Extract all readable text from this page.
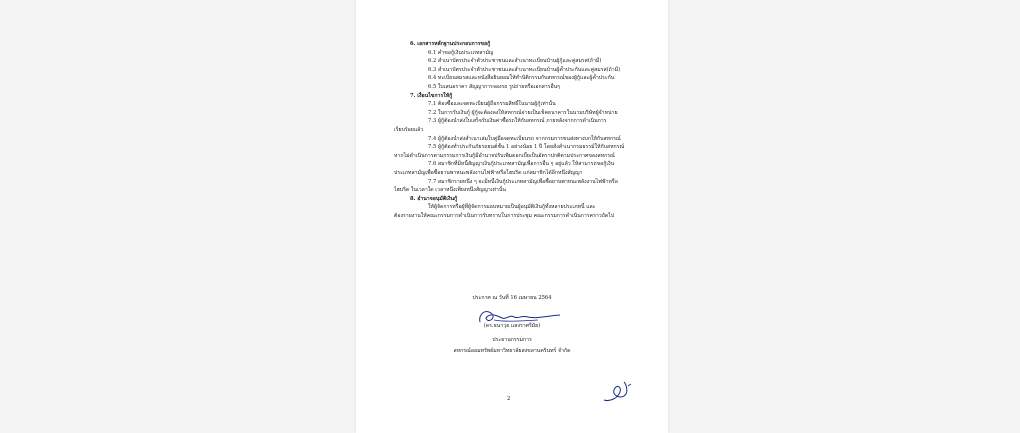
6. เอกสารหลักฐานประกอบการขอกู้
6.1 คำขอกู้เงินประเภทสามัญ
6.2 สำเนาบัตรประจำตัวประชาชนและสำเนาทะเบียนบ้านผู้กู้และคู่สมรส(ถ้ามี)
6.3 สำเนาบัตรประจำตัวประชาชนและสำเนาทะเบียนบ้านผู้ค้ำประกันและคู่สมรส(ถ้ามี)
6.4 ทะเบียนสมรสและหนังสือยินยอมให้ทำนิติกรรมกับสหกรณ์ของผู้กู้และผู้ค้ำประกัน
6.5 ใบเสนอราคา สัญญาการจองรถ รูปถ่ายหรือเอกสารอื่นๆ
7. เงื่อนไขการให้กู้
7.1 ต้องซื้อและจดทะเบียนผู้ถือกรรมสิทธิ์ในนามผู้กู้เท่านั้น
7.2 ในการรับเงินกู้ ผู้กู้จะต้องลงให้สหกรณ์จ่ายเป็นเช็คธนาคารในนามบริษัทผู้จำหน่าย
7.3 ผู้กู้ต้องนำส่งใบเสร็จรับเงินค่าซื้อรถให้กับสหกรณ์ ภายหลังจากการดำเนินการ
เรียบร้อยแล้ว
7.4 ผู้กู้ต้องนำส่งสำเนาเล่มใบคู่มือจดทะเบียนรถ จากกรมการขนส่งทางบกให้กับสหกรณ์
7.5 ผู้กู้ต้องทำประกันภัยรถยนต์ชั้น 1 อย่างน้อย 1 ปี โดยสั่งสำเนากรมธรรม์ให้กับสหกรณ์
หากไม่ดำเนินการตามกรรมการเงินกู้มีอำนาจปรับเพิ่มดอกเบี้ยเป็นอัตราปกติตามประกาศของสหกรณ์
7.6 สมาชิกที่มีหนี้สัญญาเงินกู้ประเภทสามัญเพื่อการอื่น ๆ อยู่แล้ว ให้สามารถขอกู้เงิน
ประเภทสามัญเพื่อซื้อยานพาหนะพลังงานไฟฟ้าหรือไฮบริด แก่สมาชิกได้อีกหนึ่งสัญญา
7.7 สมาชิกรายหนึ่ง ๆ จะมีหนี้เงินกู้ประเภทสามัญเพื่อซื้อยานพาหนะพลังงานไฟฟ้าหรือ
ไฮบริด ในเวลาใด เวลาหนึ่งเพียงหนึ่งสัญญาเท่านั้น
8. อำนาจอนุมัติเงินกู้
ให้ผู้จัดการหรือผู้ที่ผู้จัดการมอบหมายเป็นผู้อนุมัติเงินกู้ทั้งหลายประเภทนี้ และ
ต้องรายงานให้คณะกรรมการดำเนินการรับทราบในการประชุม คณะกรรมการดำเนินการคราวถัดไป
ประกาศ ณ วันที่ 16 เมษายน 2564
(ดร.ธนาวุธ แสงราศรีมัย)
ประธานกรรมการ
สหกรณ์ออมทรัพย์มหาวิทยาลัยสงขลานครินทร์ จำกัด
2
